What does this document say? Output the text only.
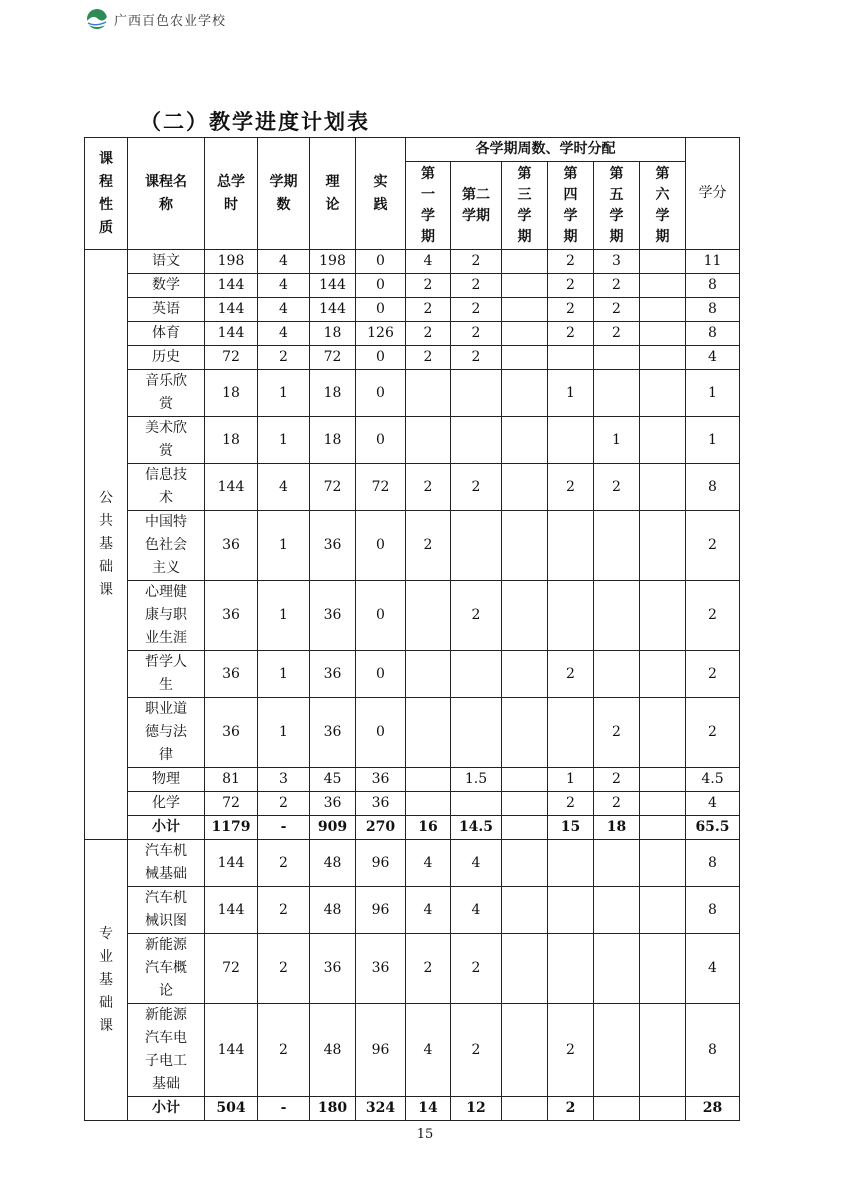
广西百色农业学校
（二）教学进度计划表
课程性质	课程名称	总学时	学期数	理论	实践	各学期周数、学时分配						学分

						第一学期	第二学期	第三学期	第四学期	第五学期	第六学期	

公共基础课	语文	198	4	198	0	4	2		2	3		11

	数学	144	4	144	0	2	2		2	2		8

	英语	144	4	144	0	2	2		2	2		8

	体育	144	4	18	126	2	2		2	2		8

	历史	72	2	72	0	2	2					4

	音乐欣赏	18	1	18	0				1			1

	美术欣赏	18	1	18	0					1		1

	信息技术	144	4	72	72	2	2		2	2		8

	中国特色社会主义	36	1	36	0	2						2

	心理健康与职业生涯	36	1	36	0		2					2

	哲学人生	36	1	36	0				2			2

	职业道德与法律	36	1	36	0					2		2

	物理	81	3	45	36		1.5		1	2		4.5

	化学	72	2	36	36				2	2		4

	小计	1179	-	909	270	16	14.5		15	18		65.5

专业基础课	汽车机械基础	144	2	48	96	4	4					8

	汽车机械识图	144	2	48	96	4	4					8

	新能源汽车概论	72	2	36	36	2	2					4

	新能源汽车电子电工基础	144	2	48	96	4	2		2			8

	小计	504	-	180	324	14	12		2			28
15
